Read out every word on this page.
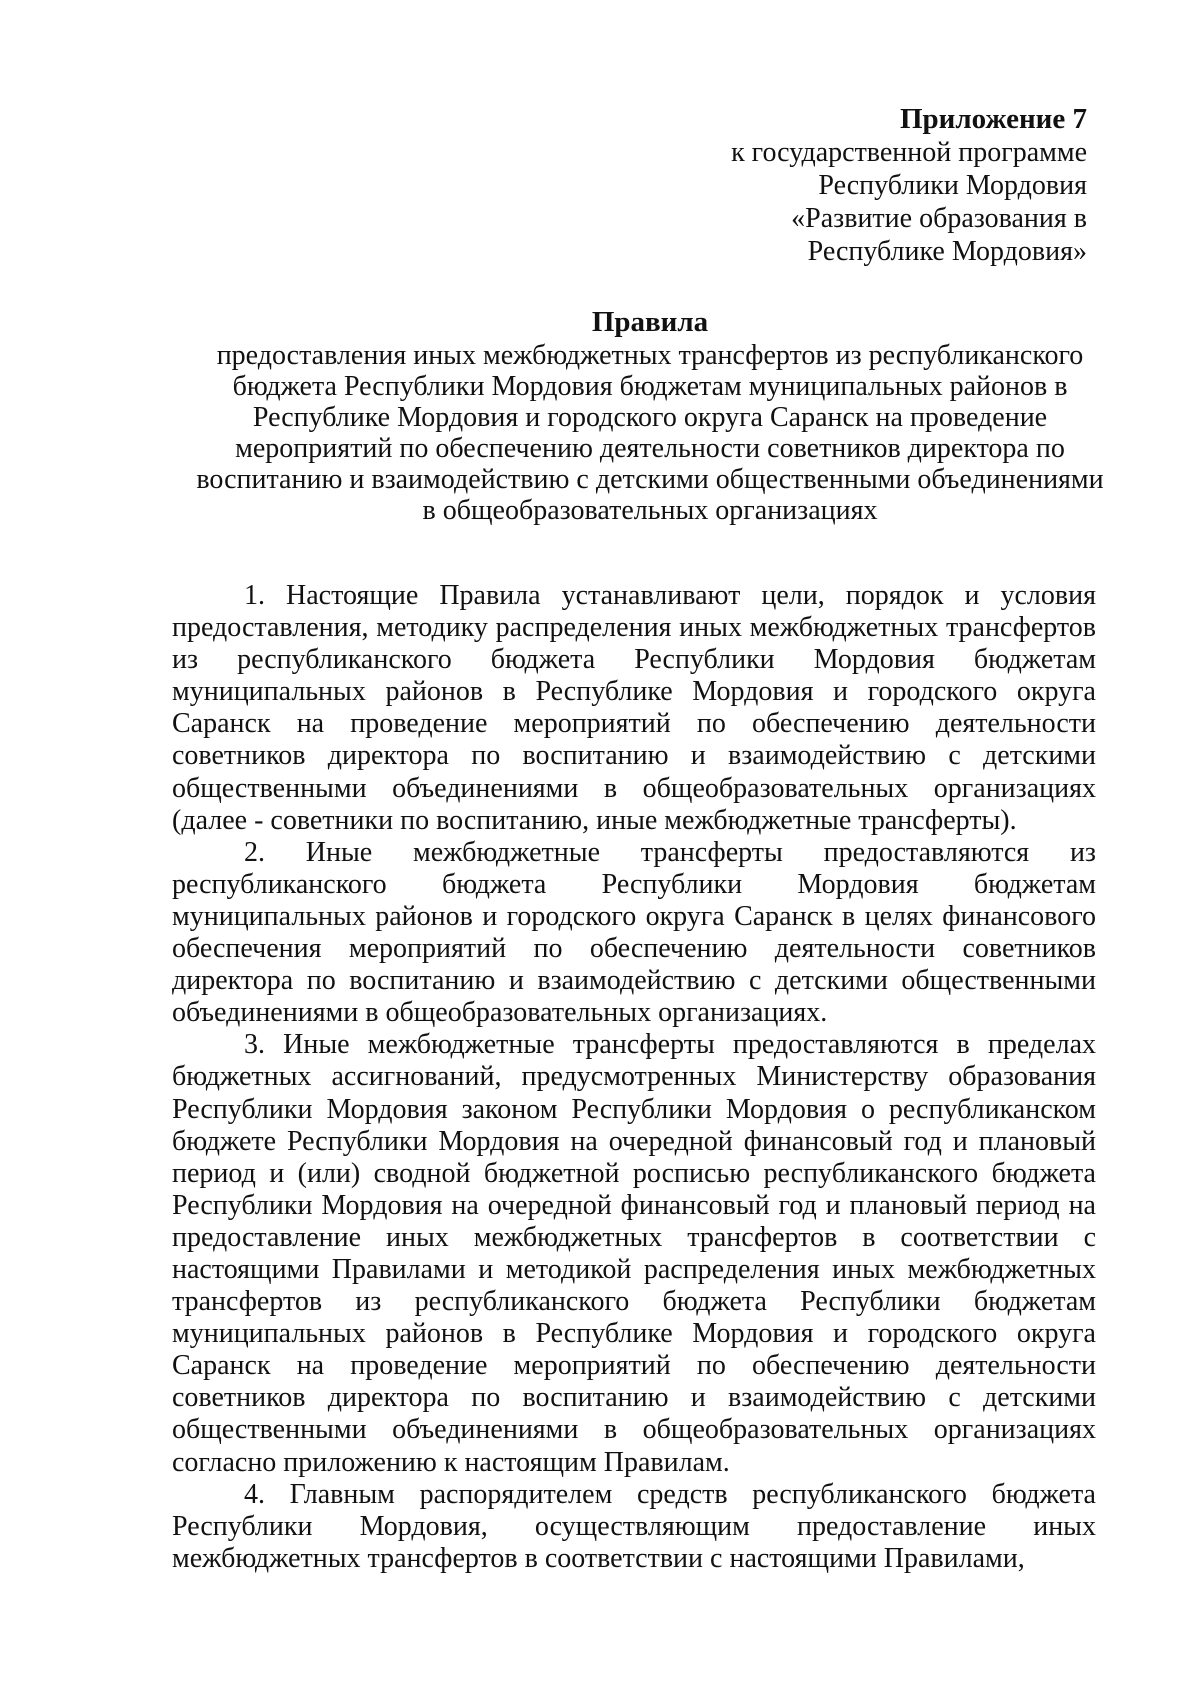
Приложение 7
к государственной программе
Республики Мордовия
«Развитие образования в
Республике Мордовия»
Правила
предоставления иных межбюджетных трансфертов из республиканского
бюджета Республики Мордовия бюджетам муниципальных районов в
Республике Мордовия и городского округа Саранск на проведение
мероприятий по обеспечению деятельности советников директора по
воспитанию и взаимодействию с детскими общественными объединениями
в общеобразовательных организациях

1. Настоящие Правила устанавливают цели, порядок и условия предоставления, методику распределения иных межбюджетных трансфертов из республиканского бюджета Республики Мордовия бюджетам муниципальных районов в Республике Мордовия и городского округа Саранск на проведение мероприятий по обеспечению деятельности советников директора по воспитанию и взаимодействию с детскими общественными объединениями в общеобразовательных организациях (далее - советники по воспитанию, иные межбюджетные трансферты).

2. Иные межбюджетные трансферты предоставляются из республиканского бюджета Республики Мордовия бюджетам муниципальных районов и городского округа Саранск в целях финансового обеспечения мероприятий по обеспечению деятельности советников директора по воспитанию и взаимодействию с детскими общественными объединениями в общеобразовательных организациях.

3. Иные межбюджетные трансферты предоставляются в пределах бюджетных ассигнований, предусмотренных Министерству образования Республики Мордовия законом Республики Мордовия о республиканском бюджете Республики Мордовия на очередной финансовый год и плановый период и (или) сводной бюджетной росписью республиканского бюджета Республики Мордовия на очередной финансовый год и плановый период на предоставление иных межбюджетных трансфертов в соответствии с настоящими Правилами и методикой распределения иных межбюджетных трансфертов из республиканского бюджета Республики бюджетам муниципальных районов в Республике Мордовия и городского округа Саранск на проведение мероприятий по обеспечению деятельности советников директора по воспитанию и взаимодействию с детскими общественными объединениями в общеобразовательных организациях согласно приложению к настоящим Правилам.

4. Главным распорядителем средств республиканского бюджета Республики Мордовия, осуществляющим предоставление иных межбюджетных трансфертов в соответствии с настоящими Правилами,
